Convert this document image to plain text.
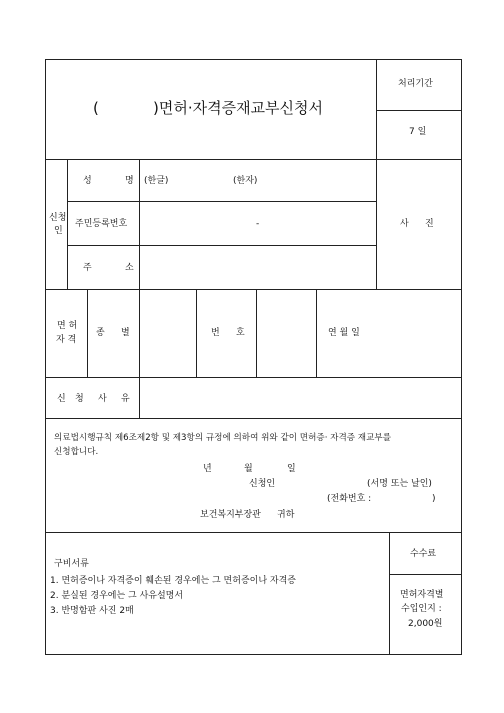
(	)면허·자격증재교부신청서
처리기간
7 일
신청
인
성	명 (한글)	(한자)
주민등록번호	-
주	소
사 진
면 허
자 격
종 별	번 호	연 월 일
신 청 사 유
의료법시행규칙 제6조제2항 및 제3항의 규정에 의하여 위와 같이 면허증· 자격증 재교부를
신청합니다.
년	월	일
신청인	(서명 또는 날인)
(전화번호 :	)
보건복지부장관 귀하
구비서류
1. 면허증이나 자격증이 훼손된 경우에는 그 면허증이나 자격증
2. 분실된 경우에는 그 사유설명서
3. 반명함판 사진 2매
수수료
면허자격별
수입인지 :
2,000원
